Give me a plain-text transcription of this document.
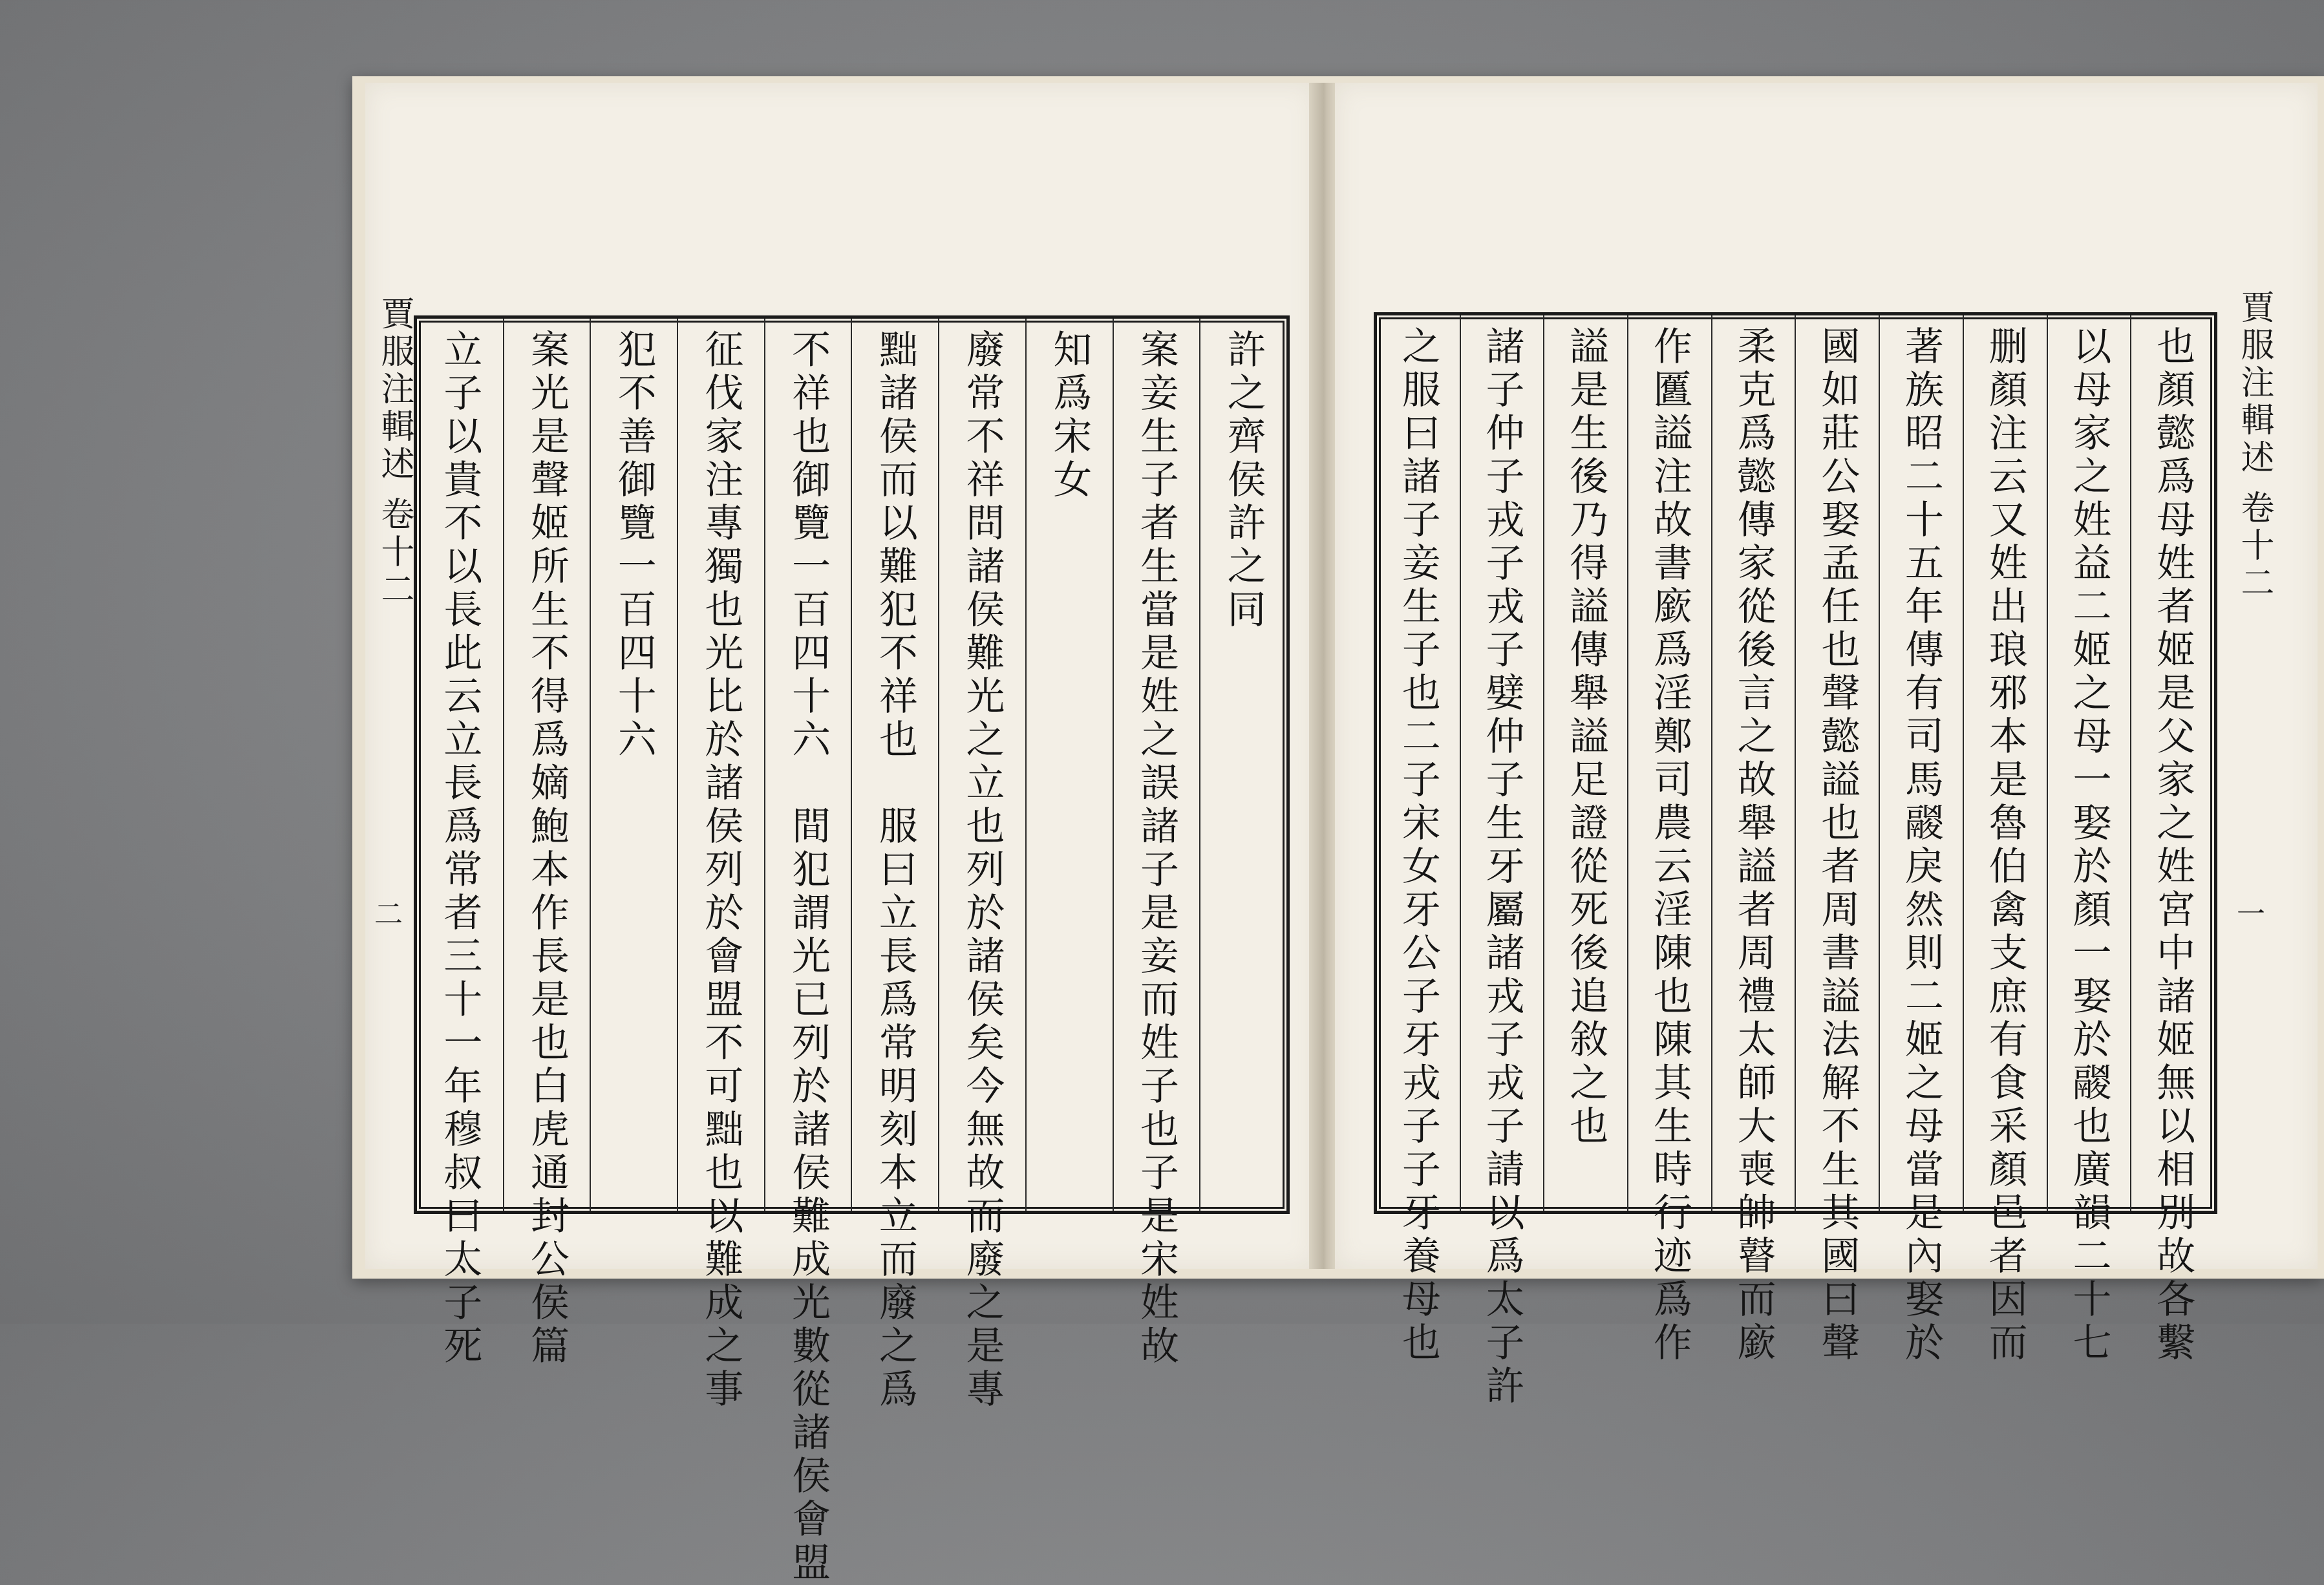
賈服注輯述
卷十二
二
許之齊侯許之同
案妾生子者生當是姓之誤諸子是妾而姓子也子是宋姓故
知爲宋女
廢常不祥問諸侯難光之立也列於諸侯矣今無故而廢之是專
黜諸侯而以難犯不祥也　服曰立長爲常明刻本立而廢之爲
不祥也御覽一百四十六　間犯謂光已列於諸侯難成光數從諸侯會盟
征伐家注專獨也光比於諸侯列於會盟不可黜也以難成之事
犯不善御覽一百四十六
案光是聲姬所生不得爲嫡鮑本作長是也白虎通封公侯篇
立子以貴不以長此云立長爲常者三十一年穆叔曰太子死	也顏懿爲母姓者姬是父家之姓宮中諸姬無以相別故各繫
以母家之姓益二姬之母一娶於顏一娶於鬷也廣韻二十七
删顏注云又姓出琅邪本是魯伯禽支庶有食采顏邑者因而
著族昭二十五年傳有司馬鬷戾然則二姬之母當是內娶於
國如莊公娶孟任也聲懿謚也者周書謚法解不生其國曰聲
柔克爲懿傳家從後言之故舉謚者周禮太師大喪帥瞽而廞
作匶謚注故書廞爲淫鄭司農云淫陳也陳其生時行迹爲作
謚是生後乃得謚傳舉謚足證從死後追敘之也
諸子仲子戎子戎子嬖仲子生牙屬諸戎子戎子請以爲太子許
之服曰諸子妾生子也二子宋女牙公子牙戎子子牙養母也	賈服注輯述
卷十二
一
